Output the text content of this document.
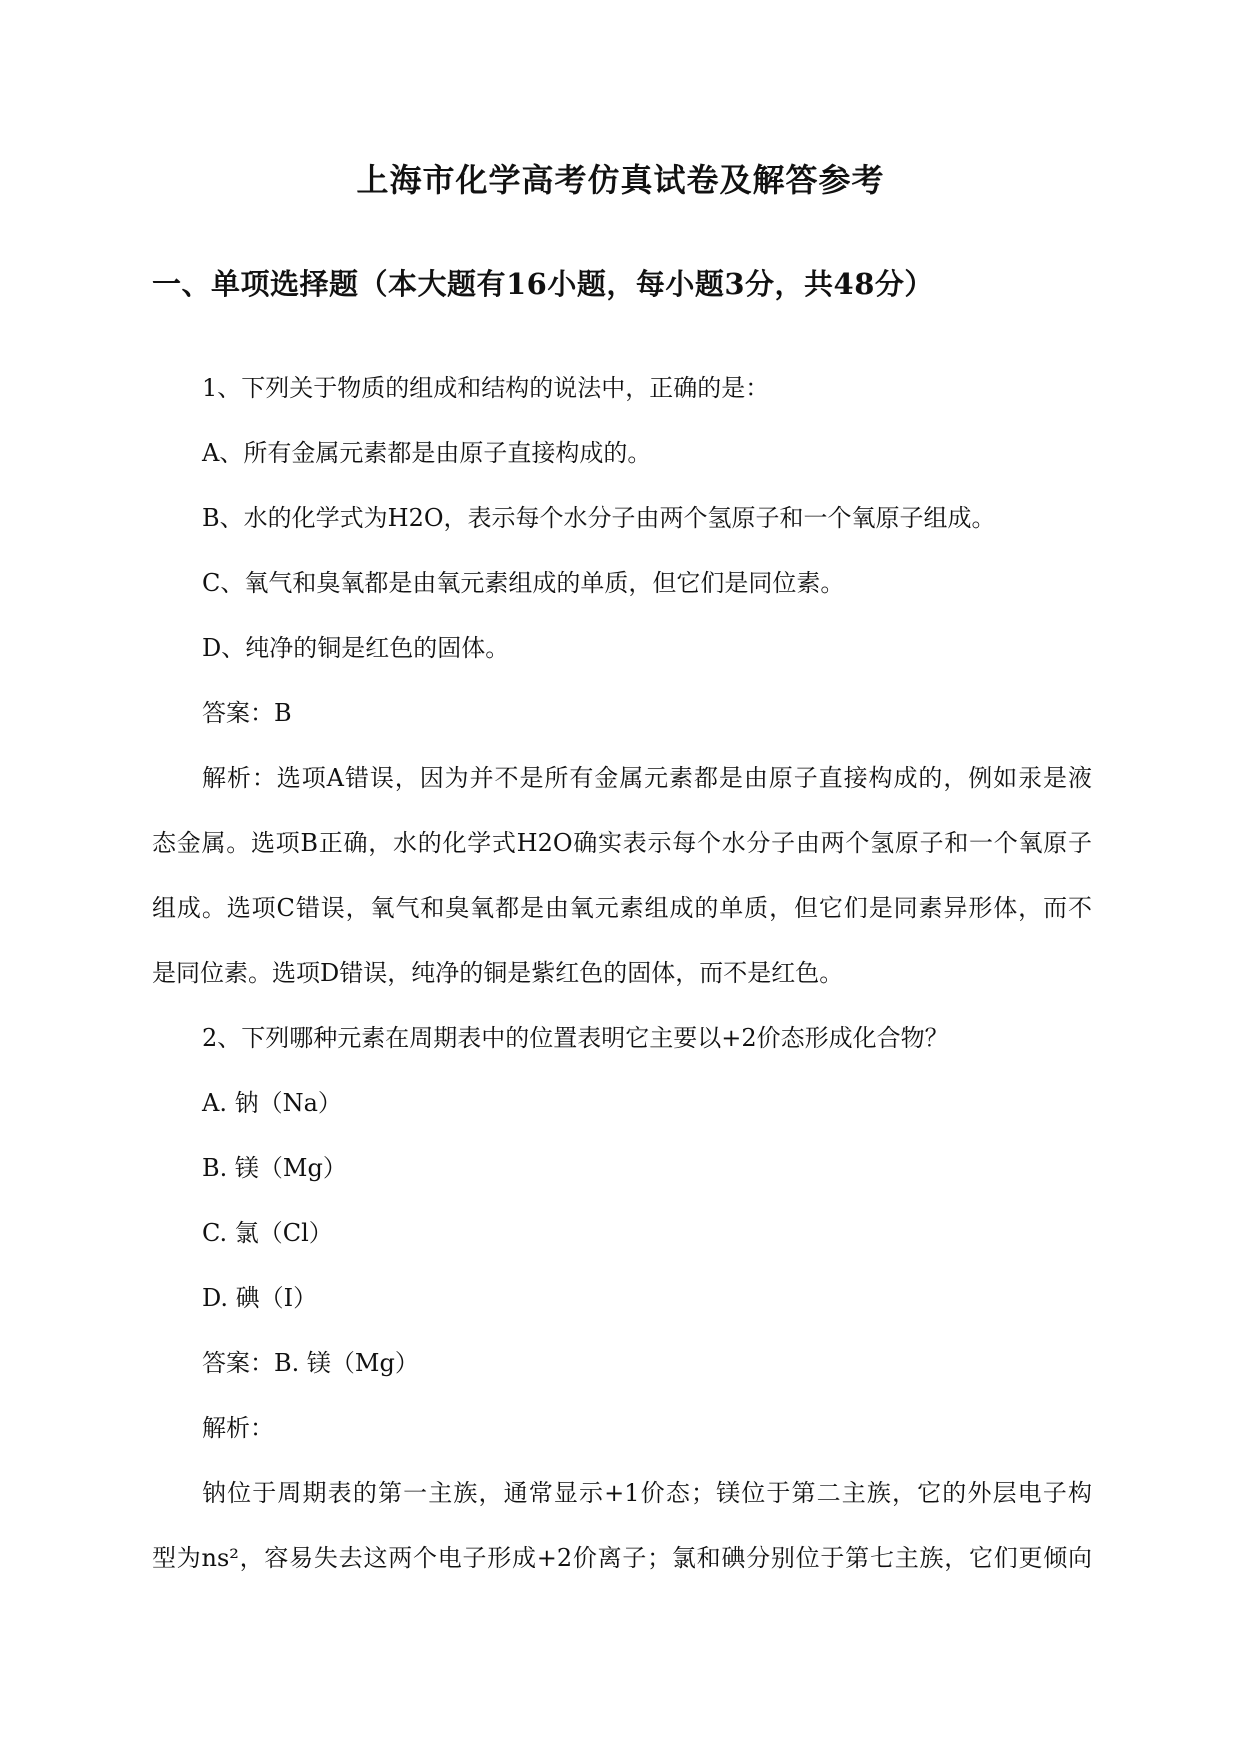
上海市化学高考仿真试卷及解答参考
一、单项选择题（本大题有16小题，每小题3分，共48分）
1、下列关于物质的组成和结构的说法中，正确的是：
A、所有金属元素都是由原子直接构成的。
B、水的化学式为H2O，表示每个水分子由两个氢原子和一个氧原子组成。
C、氧气和臭氧都是由氧元素组成的单质，但它们是同位素。
D、纯净的铜是红色的固体。
答案：B
解析：选项A错误，因为并不是所有金属元素都是由原子直接构成的，例如汞是液
态金属。选项B正确，水的化学式H2O确实表示每个水分子由两个氢原子和一个氧原子
组成。选项C错误，氧气和臭氧都是由氧元素组成的单质，但它们是同素异形体，而不
是同位素。选项D错误，纯净的铜是紫红色的固体，而不是红色。
2、下列哪种元素在周期表中的位置表明它主要以+2价态形成化合物？
A. 钠（Na）
B. 镁（Mg）
C. 氯（Cl）
D. 碘（I）
答案：B. 镁（Mg）
解析：
钠位于周期表的第一主族，通常显示+1价态；镁位于第二主族，它的外层电子构
型为ns²，容易失去这两个电子形成+2价离子；氯和碘分别位于第七主族，它们更倾向
